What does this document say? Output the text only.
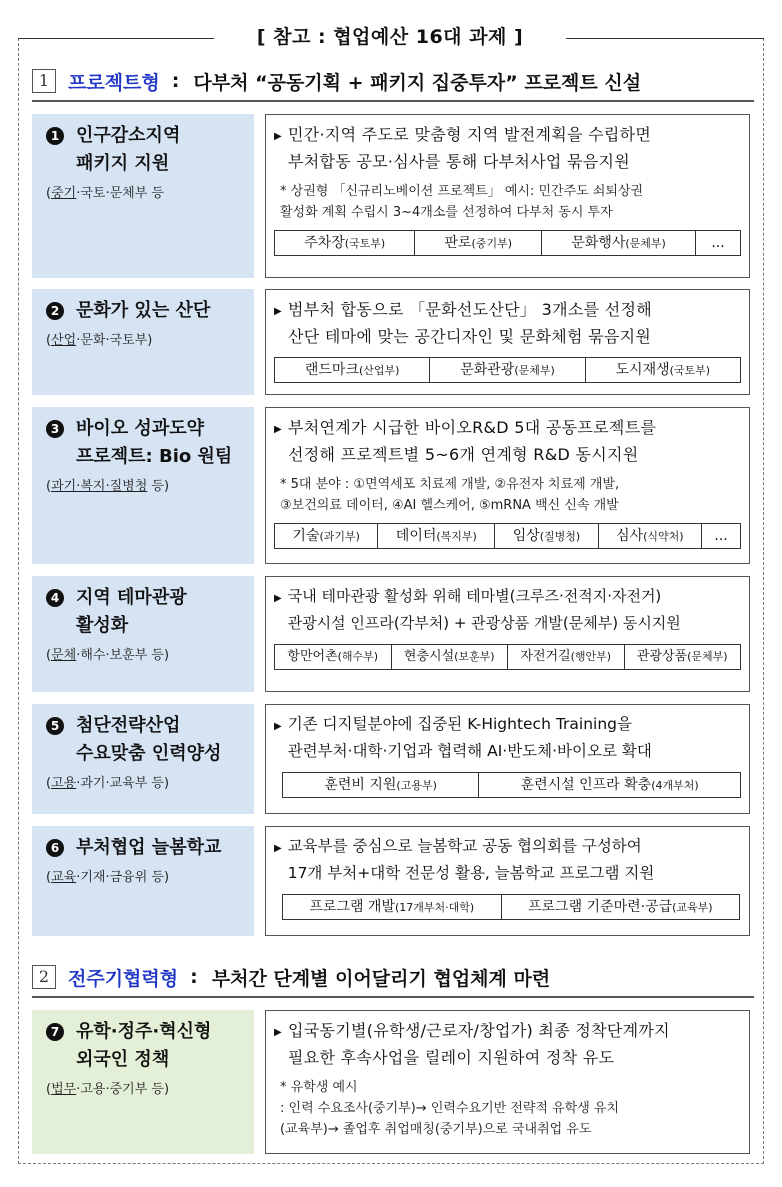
[ 참고 : 협업예산 16대 과제 ]
1 프로젝트형 : 다부처 “공동기획 + 패키지 집중투자” 프로젝트 신설
1 인구감소지역
패키지 지원
(중기·국토·문체부 등
▶ 민간·지역 주도로 맞춤형 지역 발전계획을 수립하면
부처합동 공모·심사를 통해 다부처사업 묶음지원
* 상권형 「신규리노베이션 프로젝트」 예시: 민간주도 쇠퇴상권
활성화 계획 수립시 3~4개소를 선정하여 다부처 동시 투자
주차장(국토부)	판로(중기부)	문화행사(문체부)	...
2 문화가 있는 산단
(산업·문화·국토부)
▶ 범부처 합동으로 「문화선도산단」 3개소를 선정해
산단 테마에 맞는 공간디자인 및 문화체험 묶음지원
랜드마크(산업부)	문화관광(문체부)	도시재생(국토부)
3 바이오 성과도약
프로젝트: Bio 원팀
(과기·복지·질병청 등)
▶ 부처연계가 시급한 바이오R&D 5대 공동프로젝트를
선정해 프로젝트별 5~6개 연계형 R&D 동시지원
* 5대 분야 : ①면역세포 치료제 개발, ②유전자 치료제 개발,
③보건의료 데이터, ④AI 헬스케어, ⑤mRNA 백신 신속 개발
기술(과기부)	데이터(복지부)	임상(질병청)	심사(식약처)	...
4 지역 테마관광
활성화
(문체·해수·보훈부 등)
▶ 국내 테마관광 활성화 위해 테마별(크루즈·전적지·자전거)
관광시설 인프라(각부처) + 관광상품 개발(문체부) 동시지원
항만어촌(해수부)	현충시설(보훈부)	자전거길(행안부)	관광상품(문체부)
5 첨단전략산업
수요맞춤 인력양성
(고용·과기·교육부 등)
▶ 기존 디지털분야에 집중된 K-Hightech Training을
관련부처·대학·기업과 협력해 AI·반도체·바이오로 확대
훈련비 지원(고용부)	훈련시설 인프라 확충(4개부처)
6 부처협업 늘봄학교
(교육·기재·금융위 등)
▶ 교육부를 중심으로 늘봄학교 공동 협의회를 구성하여
17개 부처+대학 전문성 활용, 늘봄학교 프로그램 지원
프로그램 개발(17개부처·대학)	프로그램 기준마련·공급(교육부)
2 전주기협력형 : 부처간 단계별 이어달리기 협업체계 마련
7 유학·정주·혁신형
외국인 정책
(법무·고용·중기부 등)
▶ 입국동기별(유학생/근로자/창업가) 최종 정착단계까지
필요한 후속사업을 릴레이 지원하여 정착 유도
* 유학생 예시
: 인력 수요조사(중기부)→ 인력수요기반 전략적 유학생 유치
(교육부)→ 졸업후 취업매칭(중기부)으로 국내취업 유도
